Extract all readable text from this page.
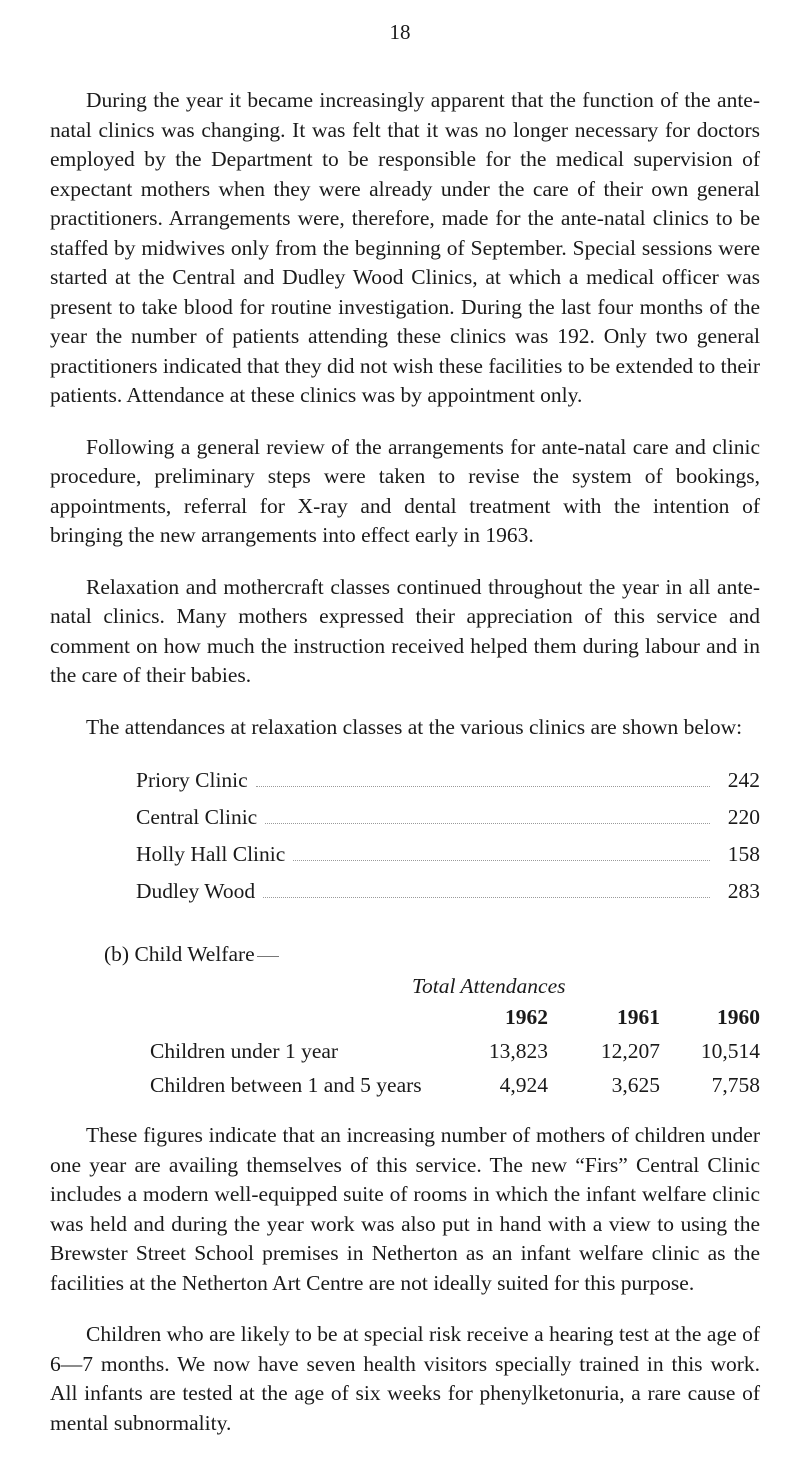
18

During the year it became increasingly apparent that the function of the ante-natal clinics was changing. It was felt that it was no longer necessary for doctors employed by the Department to be responsible for the medical supervision of expectant mothers when they were already under the care of their own general practitioners. Arrangements were, therefore, made for the ante-natal clinics to be staffed by midwives only from the beginning of September. Special sessions were started at the Central and Dudley Wood Clinics, at which a medical officer was present to take blood for routine investigation. During the last four months of the year the number of patients attending these clinics was 192. Only two general practitioners indicated that they did not wish these facilities to be extended to their patients. Attendance at these clinics was by appointment only.

Following a general review of the arrangements for ante-natal care and clinic procedure, preliminary steps were taken to revise the system of bookings, appointments, referral for X-ray and dental treatment with the intention of bringing the new arrangements into effect early in 1963.

Relaxation and mothercraft classes continued throughout the year in all ante-natal clinics. Many mothers expressed their appreciation of this service and comment on how much the instruction received helped them during labour and in the care of their babies.

The attendances at relaxation classes at the various clinics are shown below:

Priory Clinic	242
Central Clinic	220
Holly Hall Clinic	158
Dudley Wood	283
(b) Child Welfare
Total Attendances
	1962	1961	1960
Children under 1 year	13,823	12,207	10,514
Children between 1 and 5 years	4,924	3,625	7,758

These figures indicate that an increasing number of mothers of children under one year are availing themselves of this service. The new “Firs” Central Clinic includes a modern well-equipped suite of rooms in which the infant welfare clinic was held and during the year work was also put in hand with a view to using the Brewster Street School premises in Netherton as an infant welfare clinic as the facilities at the Netherton Art Centre are not ideally suited for this purpose.

Children who are likely to be at special risk receive a hearing test at the age of 6—7 months. We now have seven health visitors specially trained in this work. All infants are tested at the age of six weeks for phenylketonuria, a rare cause of mental subnormality.
